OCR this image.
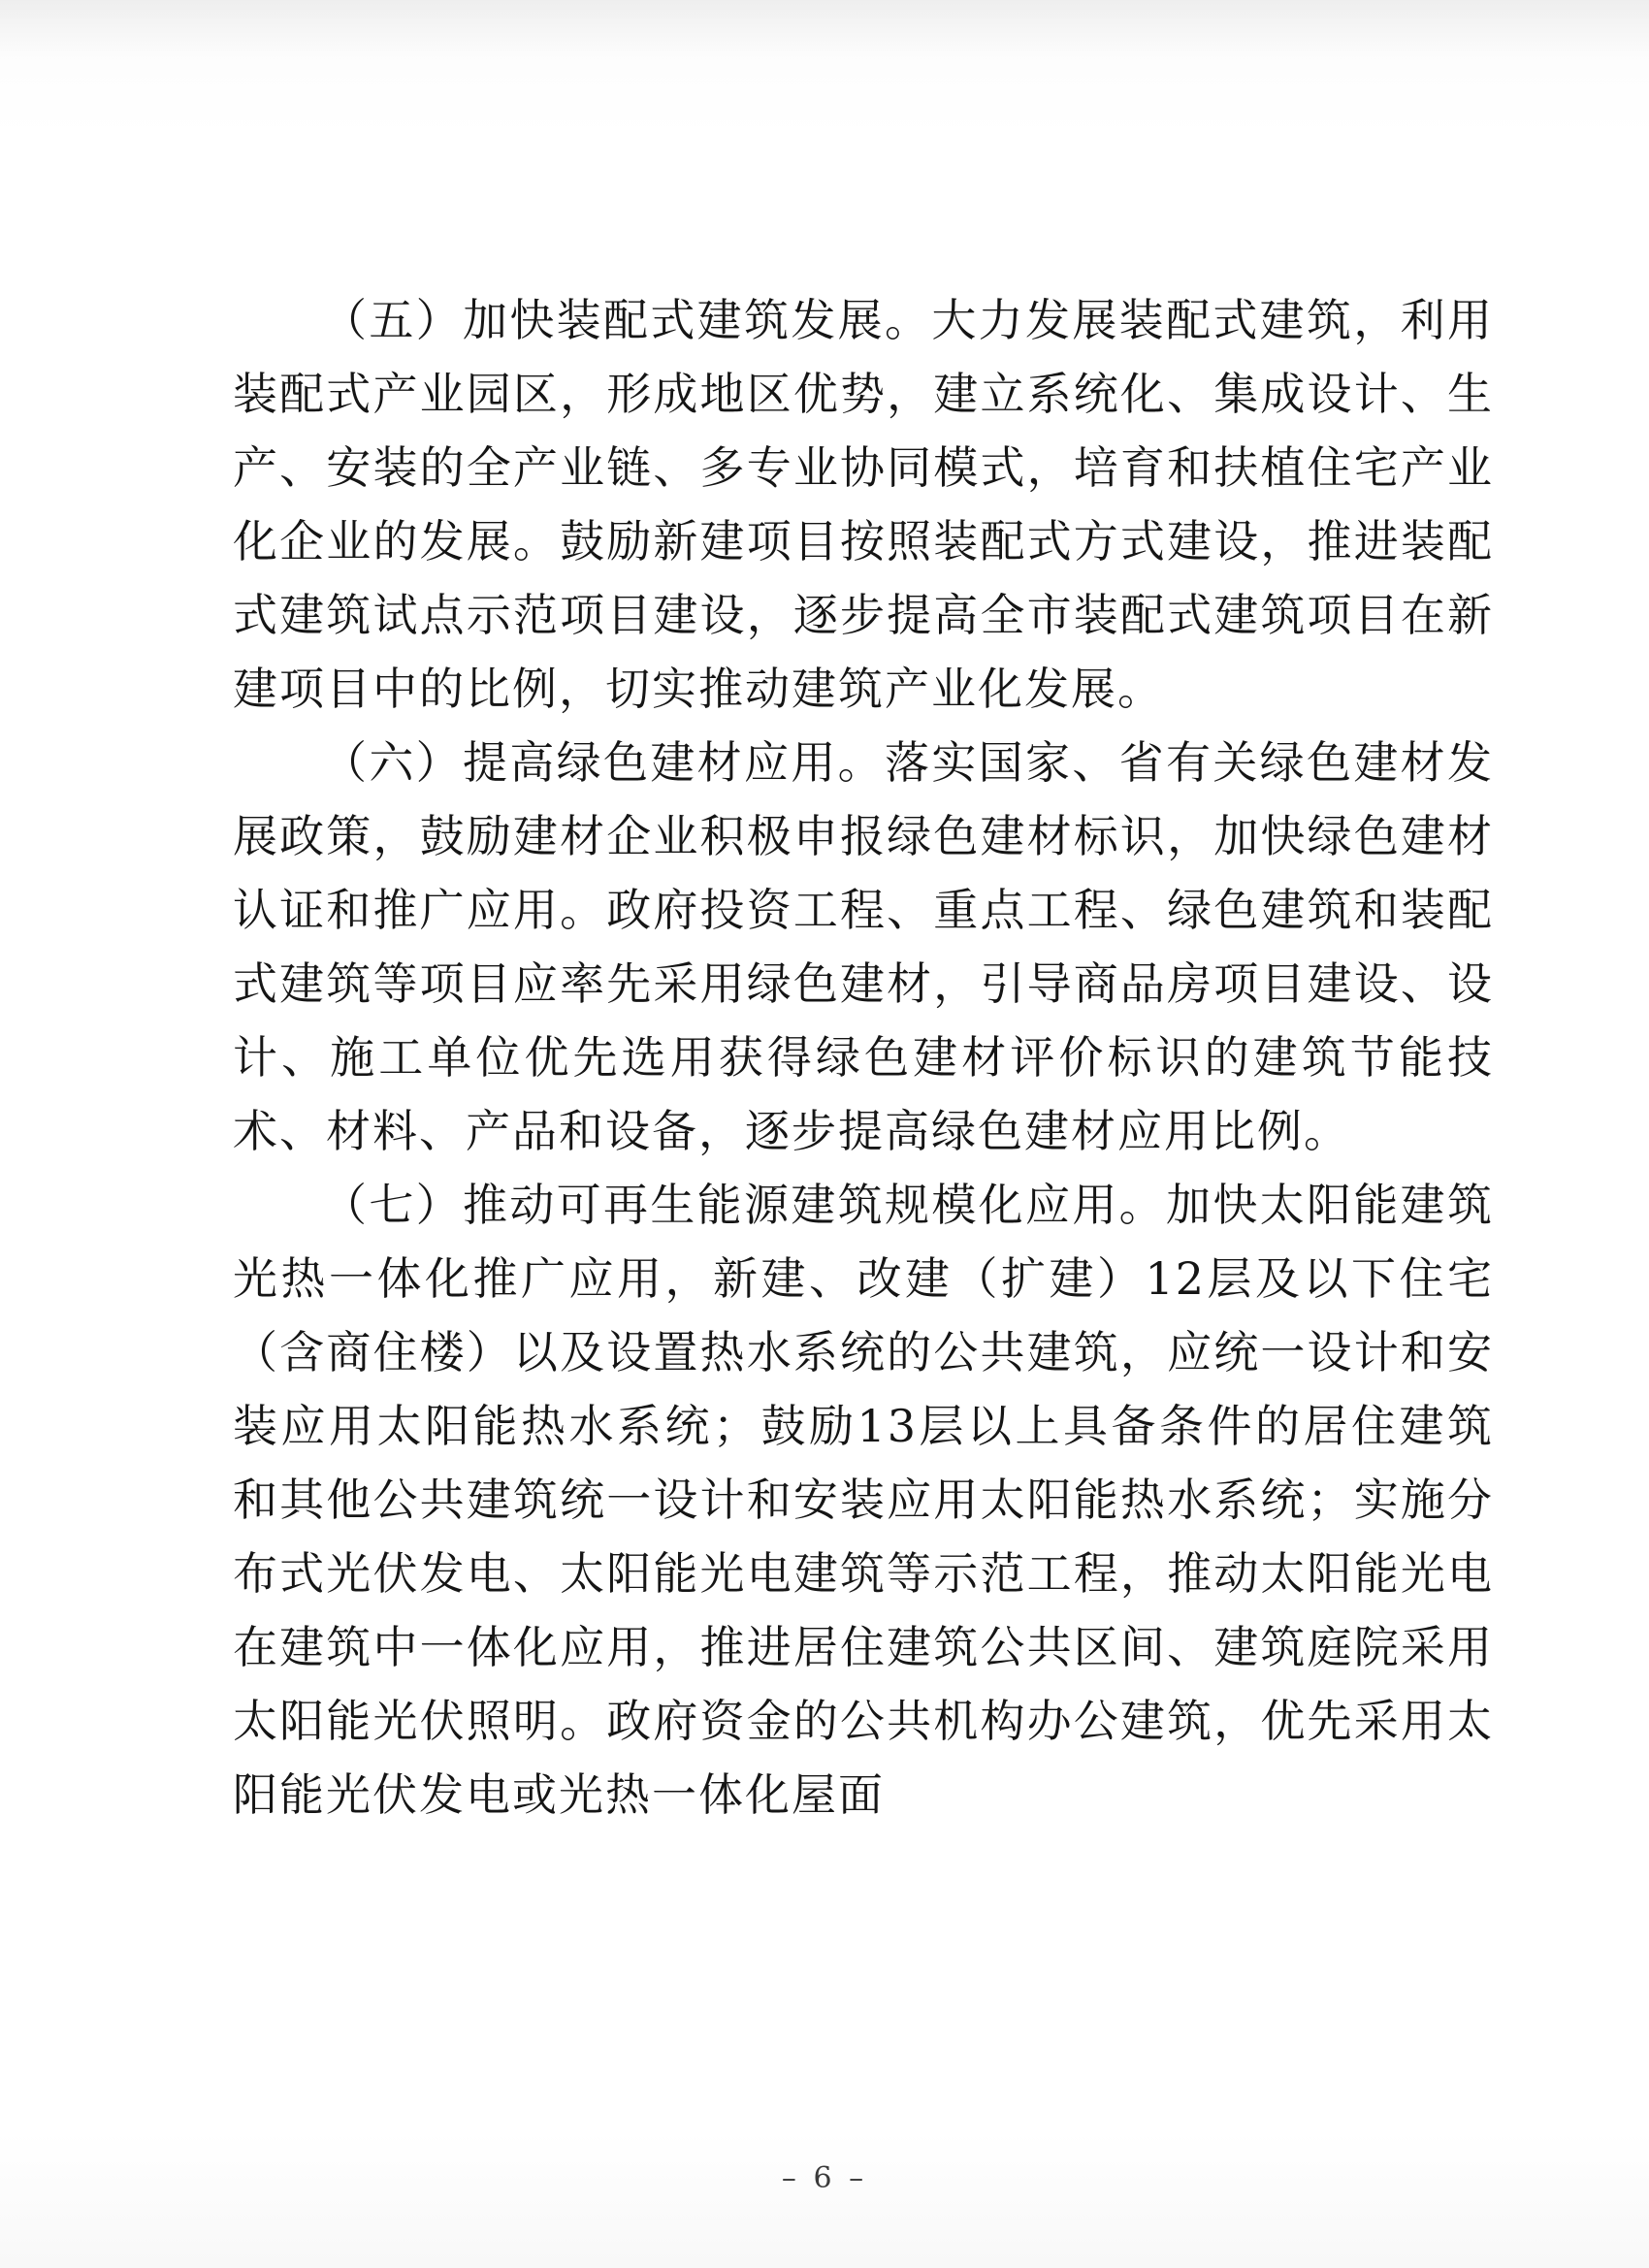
（五）加快装配式建筑发展。大力发展装配式建筑，利用装配式产业园区，形成地区优势，建立系统化、集成设计、生产、安装的全产业链、多专业协同模式，培育和扶植住宅产业化企业的发展。鼓励新建项目按照装配式方式建设，推进装配式建筑试点示范项目建设，逐步提高全市装配式建筑项目在新建项目中的比例，切实推动建筑产业化发展。

（六）提高绿色建材应用。落实国家、省有关绿色建材发展政策，鼓励建材企业积极申报绿色建材标识，加快绿色建材认证和推广应用。政府投资工程、重点工程、绿色建筑和装配式建筑等项目应率先采用绿色建材，引导商品房项目建设、设计、施工单位优先选用获得绿色建材评价标识的建筑节能技术、材料、产品和设备，逐步提高绿色建材应用比例。

（七）推动可再生能源建筑规模化应用。加快太阳能建筑光热一体化推广应用，新建、改建（扩建）12层及以下住宅（含商住楼）以及设置热水系统的公共建筑，应统一设计和安装应用太阳能热水系统；鼓励13层以上具备条件的居住建筑和其他公共建筑统一设计和安装应用太阳能热水系统；实施分布式光伏发电、太阳能光电建筑等示范工程，推动太阳能光电在建筑中一体化应用，推进居住建筑公共区间、建筑庭院采用太阳能光伏照明。政府资金的公共机构办公建筑，优先采用太阳能光伏发电或光热一体化屋面

– 6 –
